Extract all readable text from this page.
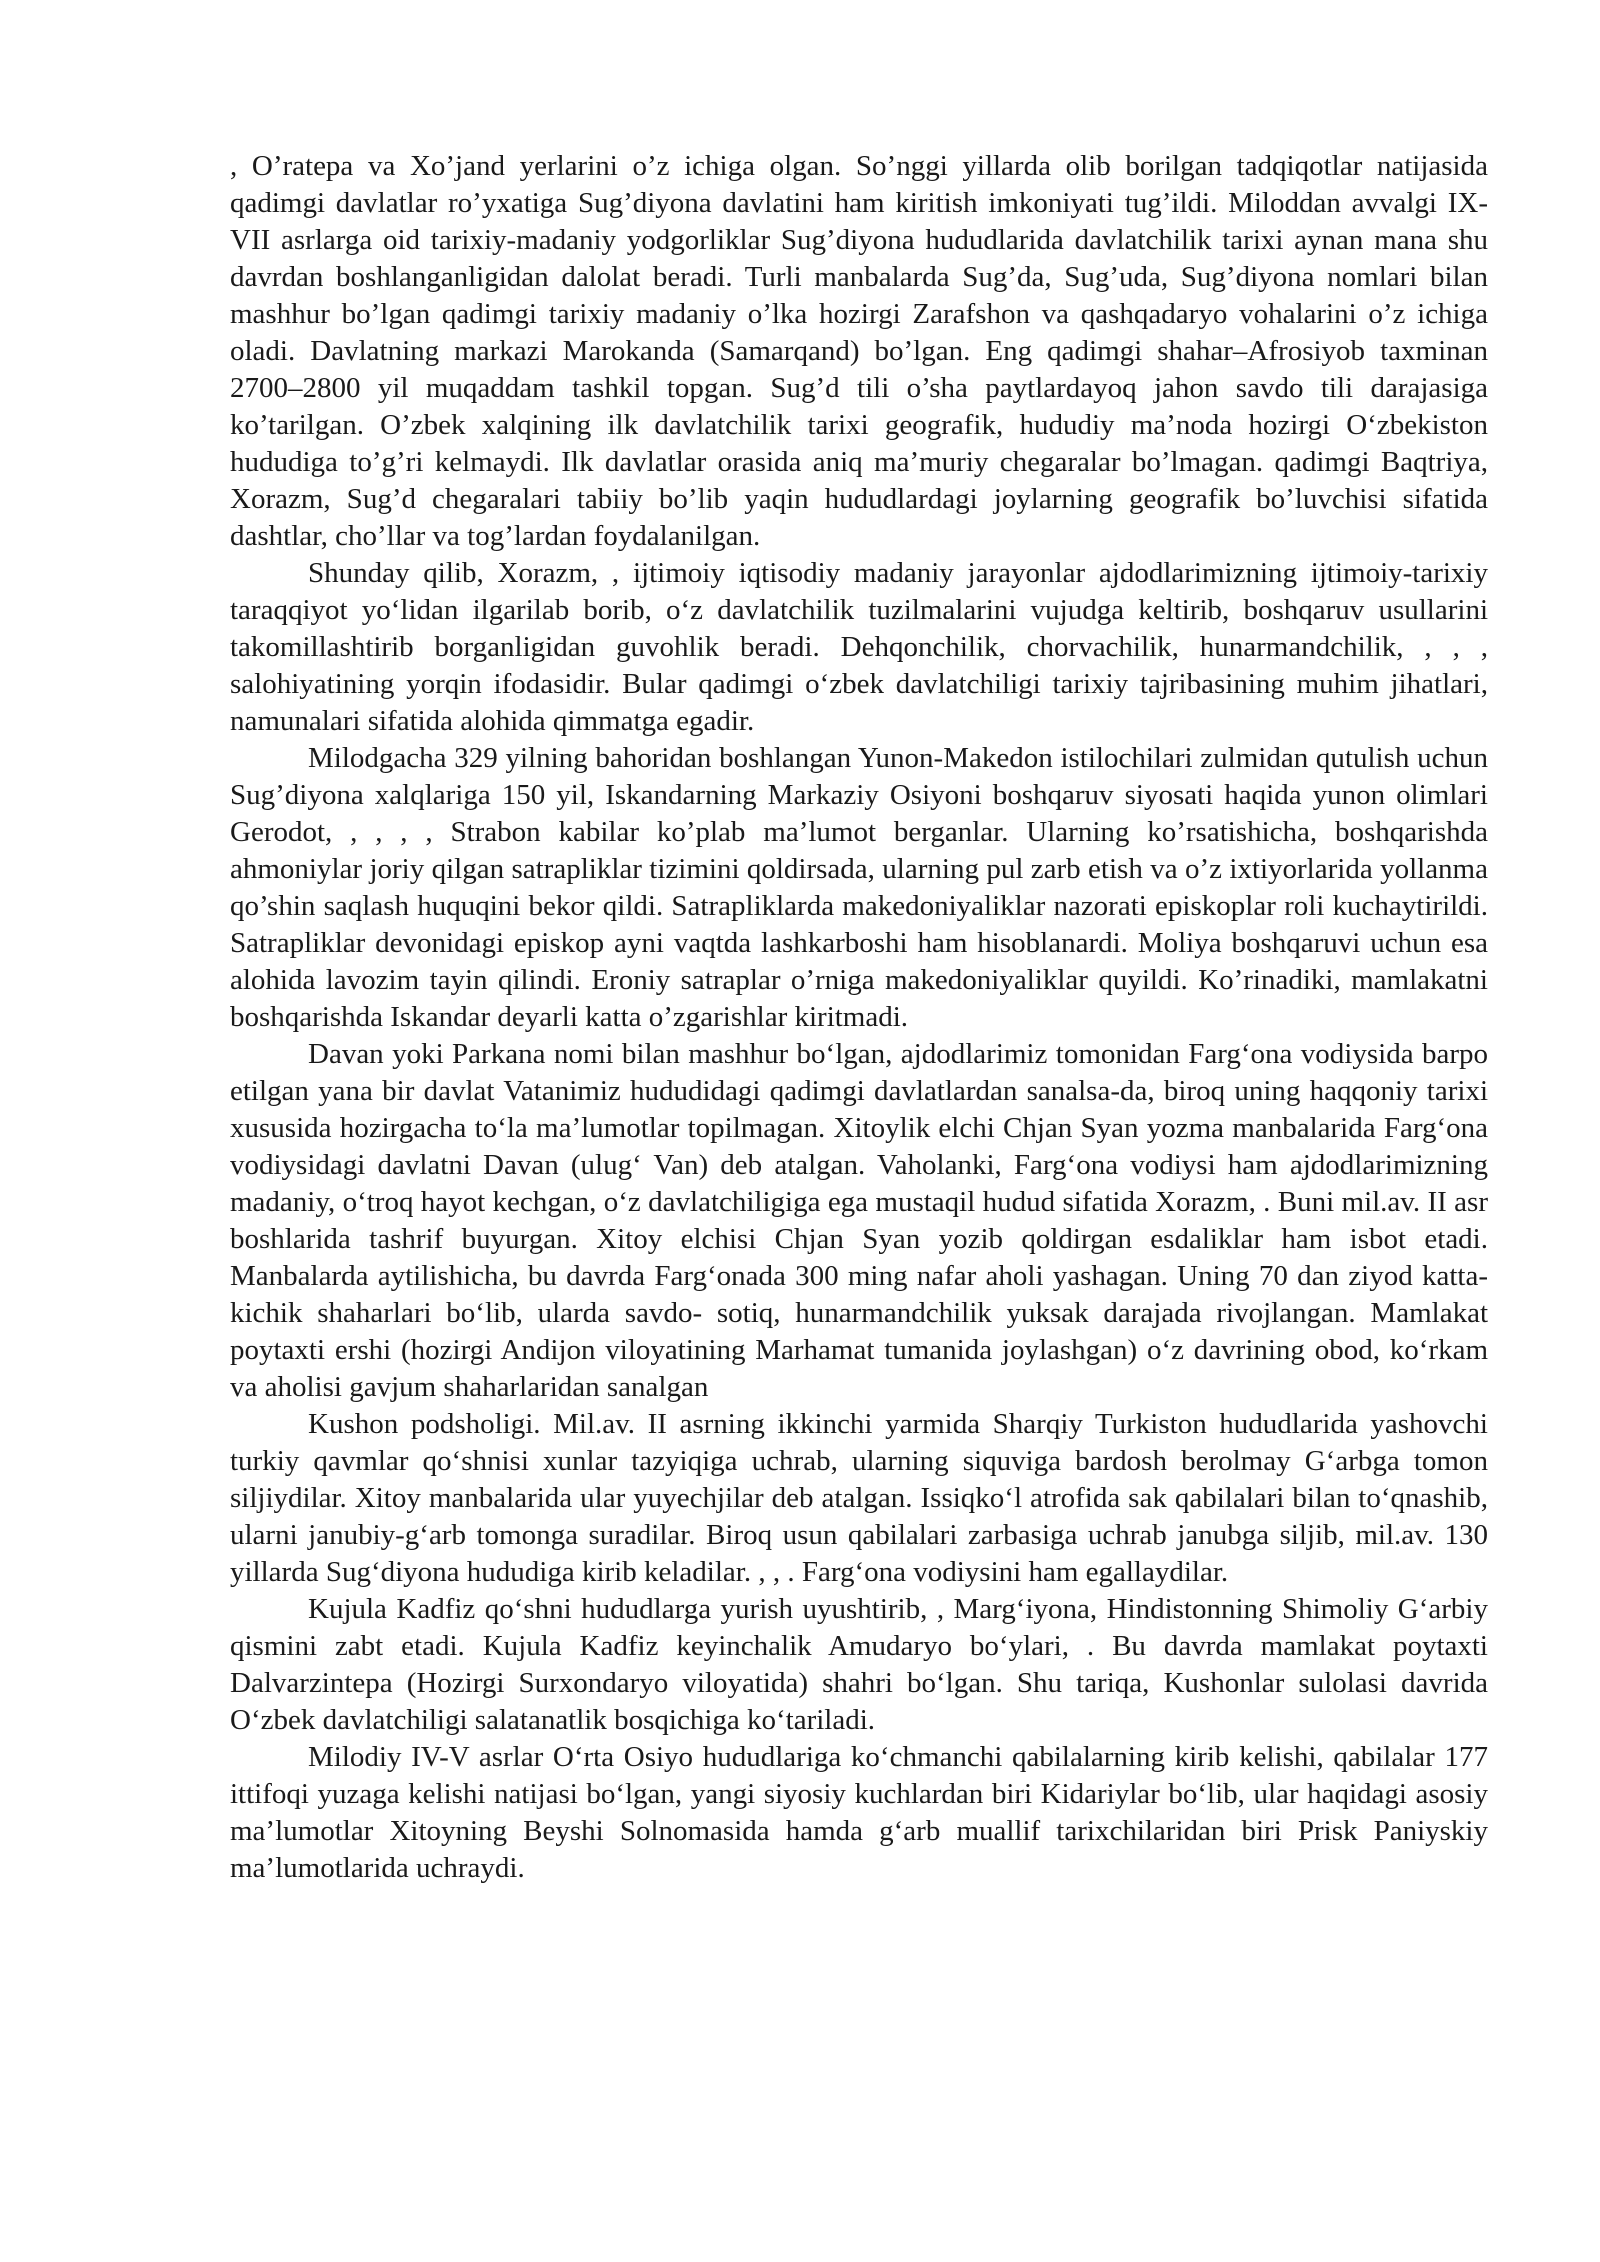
, O’ratepa va Xo’jand yerlarini o’z ichiga olgan. So’nggi yillarda olib borilgan tadqiqotlar natijasida qadimgi davlatlar ro’yxatiga Sug’diyona davlatini ham kiritish imkoniyati tug’ildi. Miloddan avvalgi IX-VII asrlarga oid tarixiy-madaniy yodgorliklar Sug’diyona hududlarida davlatchilik tarixi aynan mana shu davrdan boshlanganligidan dalolat beradi. Turli manbalarda Sug’da, Sug’uda, Sug’diyona nomlari bilan mashhur bo’lgan qadimgi tarixiy madaniy o’lka hozirgi Zarafshon va qashqadaryo vohalarini o’z ichiga oladi. Davlatning markazi Marokanda (Samarqand) bo’lgan. Eng qadimgi shahar–Afrosiyob taxminan 2700–2800 yil muqaddam tashkil topgan. Sug’d tili o’sha paytlardayoq jahon savdo tili darajasiga ko’tarilgan. O’zbek xalqining ilk davlatchilik tarixi geografik, hududiy ma’noda hozirgi O‘zbekiston hududiga to’g’ri kelmaydi. Ilk davlatlar orasida aniq ma’muriy chegaralar bo’lmagan. qadimgi Baqtriya, Xorazm, Sug’d chegaralari tabiiy bo’lib yaqin hududlardagi joylarning geografik bo’luvchisi sifatida dashtlar, cho’llar va tog’lardan foydalanilgan.

Shunday qilib, Xorazm, , ijtimoiy iqtisodiy madaniy jarayonlar ajdodlarimizning ijtimoiy-tarixiy taraqqiyot yo‘lidan ilgarilab borib, o‘z davlatchilik tuzilmalarini vujudga keltirib, boshqaruv usullarini takomillashtirib borganligidan guvohlik beradi. Dehqonchilik, chorvachilik, hunarmandchilik, , , , salohiyatining yorqin ifodasidir. Bular qadimgi o‘zbek davlatchiligi tarixiy tajribasining muhim jihatlari, namunalari sifatida alohida qimmatga egadir.

Milodgacha 329 yilning bahoridan boshlangan Yunon-Makedon istilochilari zulmidan qutulish uchun Sug’diyona xalqlariga 150 yil, Iskandarning Markaziy Osiyoni boshqaruv siyosati haqida yunon olimlari Gerodot, , , , , Strabon kabilar ko’plab ma’lumot berganlar. Ularning ko’rsatishicha, boshqarishda ahmoniylar joriy qilgan satrapliklar tizimini qoldirsada, ularning pul zarb etish va o’z ixtiyorlarida yollanma qo’shin saqlash huquqini bekor qildi. Satrapliklarda makedoniyaliklar nazorati episkoplar roli kuchaytirildi. Satrapliklar devonidagi episkop ayni vaqtda lashkarboshi ham hisoblanardi. Moliya boshqaruvi uchun esa alohida lavozim tayin qilindi. Eroniy satraplar o’rniga makedoniyaliklar quyildi. Ko’rinadiki, mamlakatni boshqarishda Iskandar deyarli katta o’zgarishlar kiritmadi.

Davan yoki Parkana nomi bilan mashhur bo‘lgan, ajdodlarimiz tomonidan Farg‘ona vodiysida barpo etilgan yana bir davlat Vatanimiz hududidagi qadimgi davlatlardan sanalsa-da, biroq uning haqqoniy tarixi xususida hozirgacha to‘la ma’lumotlar topilmagan. Xitoylik elchi Chjan Syan yozma manbalarida Farg‘ona vodiysidagi davlatni Davan (ulug‘ Van) deb atalgan. Vaholanki, Farg‘ona vodiysi ham ajdodlarimizning madaniy, o‘troq hayot kechgan, o‘z davlatchiligiga ega mustaqil hudud sifatida Xorazm, . Buni mil.av. II asr boshlarida tashrif buyurgan. Xitoy elchisi Chjan Syan yozib qoldirgan esdaliklar ham isbot etadi. Manbalarda aytilishicha, bu davrda Farg‘onada 300 ming nafar aholi yashagan. Uning 70 dan ziyod katta-kichik shaharlari bo‘lib, ularda savdo- sotiq, hunarmandchilik yuksak darajada rivojlangan. Mamlakat poytaxti ershi (hozirgi Andijon viloyatining Marhamat tumanida joylashgan) o‘z davrining obod, ko‘rkam va aholisi gavjum shaharlaridan sanalgan

Kushon podsholigi. Mil.av. II asrning ikkinchi yarmida Sharqiy Turkiston hududlarida yashovchi turkiy qavmlar qo‘shnisi xunlar tazyiqiga uchrab, ularning siquviga bardosh berolmay G‘arbga tomon siljiydilar. Xitoy manbalarida ular yuyechjilar deb atalgan. Issiqko‘l atrofida sak qabilalari bilan to‘qnashib, ularni janubiy-g‘arb tomonga suradilar. Biroq usun qabilalari zarbasiga uchrab janubga siljib, mil.av. 130 yillarda Sug‘diyona hududiga kirib keladilar. , , . Farg‘ona vodiysini ham egallaydilar.

Kujula Kadfiz qo‘shni hududlarga yurish uyushtirib, , Marg‘iyona, Hindistonning Shimoliy G‘arbiy qismini zabt etadi. Kujula Kadfiz keyinchalik Amudaryo bo‘ylari, . Bu davrda mamlakat poytaxti Dalvarzintepa (Hozirgi Surxondaryo viloyatida) shahri bo‘lgan. Shu tariqa, Kushonlar sulolasi davrida O‘zbek davlatchiligi salatanatlik bosqichiga ko‘tariladi.

Milodiy IV-V asrlar O‘rta Osiyo hududlariga ko‘chmanchi qabilalarning kirib kelishi, qabilalar 177 ittifoqi yuzaga kelishi natijasi bo‘lgan, yangi siyosiy kuchlardan biri Kidariylar bo‘lib, ular haqidagi asosiy ma’lumotlar Xitoyning Beyshi Solnomasida hamda g‘arb muallif tarixchilaridan biri Prisk Paniyskiy ma’lumotlarida uchraydi.
